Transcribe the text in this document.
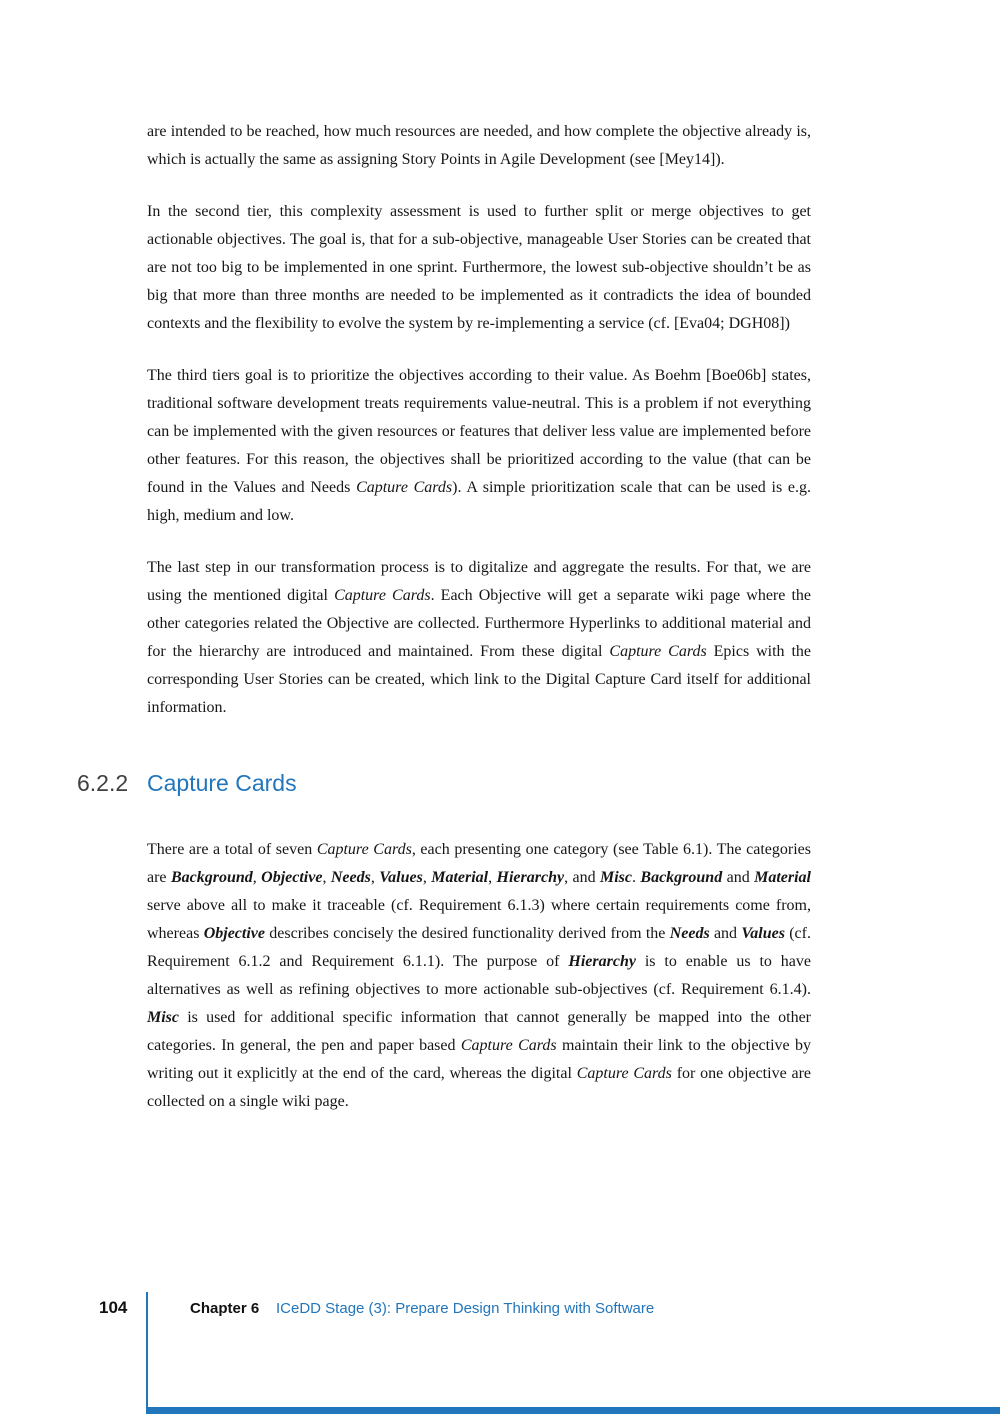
are intended to be reached, how much resources are needed, and how complete the objective already is, which is actually the same as assigning Story Points in Agile Development (see [Mey14]).

In the second tier, this complexity assessment is used to further split or merge objectives to get actionable objectives. The goal is, that for a sub-objective, manageable User Stories can be created that are not too big to be implemented in one sprint. Furthermore, the lowest sub-objective shouldn’t be as big that more than three months are needed to be implemented as it contradicts the idea of bounded contexts and the flexibility to evolve the system by re-implementing a service (cf. [Eva04; DGH08])

The third tiers goal is to prioritize the objectives according to their value. As Boehm [Boe06b] states, traditional software development treats requirements value-neutral. This is a problem if not everything can be implemented with the given resources or features that deliver less value are implemented before other features. For this reason, the objectives shall be prioritized according to the value (that can be found in the Values and Needs Capture Cards). A simple prioritization scale that can be used is e.g. high, medium and low.

The last step in our transformation process is to digitalize and aggregate the results. For that, we are using the mentioned digital Capture Cards. Each Objective will get a separate wiki page where the other categories related the Objective are collected. Furthermore Hyperlinks to additional material and for the hierarchy are introduced and maintained. From these digital Capture Cards Epics with the corresponding User Stories can be created, which link to the Digital Capture Card itself for additional information.

6.2.2 Capture Cards

There are a total of seven Capture Cards, each presenting one category (see Table 6.1). The categories are Background, Objective, Needs, Values, Material, Hierarchy, and Misc. Background and Material serve above all to make it traceable (cf. Requirement 6.1.3) where certain requirements come from, whereas Objective describes concisely the desired functionality derived from the Needs and Values (cf. Requirement 6.1.2 and Requirement 6.1.1). The purpose of Hierarchy is to enable us to have alternatives as well as refining objectives to more actionable sub-objectives (cf. Requirement 6.1.4). Misc is used for additional specific information that cannot generally be mapped into the other categories. In general, the pen and paper based Capture Cards maintain their link to the objective by writing out it explicitly at the end of the card, whereas the digital Capture Cards for one objective are collected on a single wiki page.

104	Chapter 6 ICeDD Stage (3): Prepare Design Thinking with Software
